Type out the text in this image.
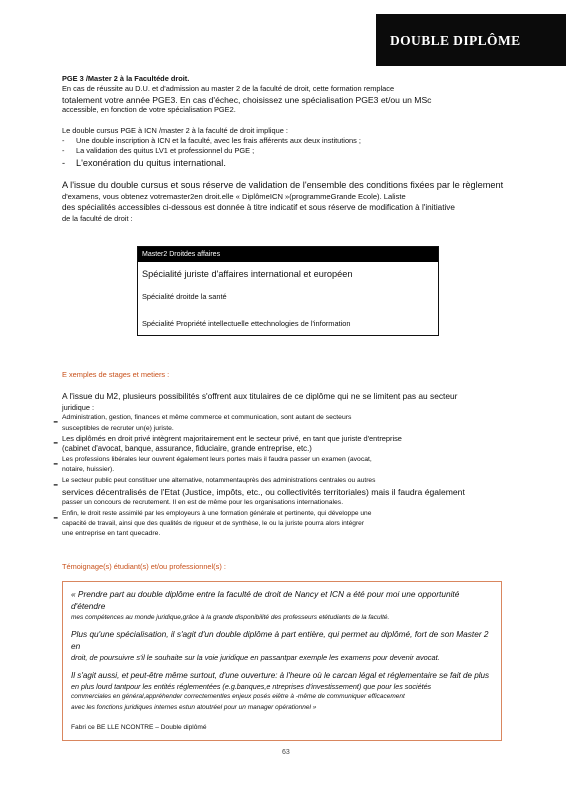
DOUBLE DIPLÔME

PGE 3 /Master 2 à la Facultéde droit.

En cas de réussite au D.U. et d'admission au master 2 de la faculté de droit, cette formation remplace

totalement votre année PGE3. En cas d'échec, choisissez une spécialisation PGE3 et/ou un MSc

accessible, en fonction de votre spécialisation PGE2.

Le double cursus PGE à ICN /master 2 à la faculté de droit implique :

- Une double inscription à ICN et la faculté, avec les frais afférents aux deux institutions ;
- La validation des quitus LV1 et professionnel du PGE ;
- L'exonération du quitus international.

A l'issue du double cursus et sous réserve de validation de l'ensemble des conditions fixées par le règlement

d'examens, vous obtenez votremaster2en droit.elle « DiplômeICN »(programmeGrande Ecole). Laliste

des spécialités accessibles ci-dessous est donnée à titre indicatif et sous réserve de modification à l'initiative

de la faculté de droit :

Master2 Droitdes affaires
Spécialité juriste d'affaires international et européen
Spécialité droitde la santé
Spécialité Propriété intellectuelle ettechnologies de l'information

E xemples de stages et metiers :

A l'issue du M2, plusieurs possibilités s'offrent aux titulaires de ce diplôme qui ne se limitent pas au secteur

juridique :

- Administration, gestion, finances et même commerce et communication, sont autant de secteurs

susceptibles de recruter un(e) juriste.

- Les diplômés en droit privé intègrent majoritairement ent le secteur privé, en tant que juriste d'entreprise

(cabinet d'avocat, banque, assurance, fiduciaire, grande entreprise, etc.)

- Les professions libérales leur ouvrent également leurs portes mais il faudra passer un examen (avocat,

notaire, huissier).

- Le secteur public peut constituer une alternative, notammentauprès des administrations centrales ou autres

services décentralisés de l'Etat (Justice, impôts, etc., ou collectivités territoriales) mais il faudra également

passer un concours de recrutement. Il en est de même pour les organisations internationales.

- Enfin, le droit reste assimilé par les employeurs à une formation générale et pertinente, qui développe une

capacité de travail, ainsi que des qualités de rigueur et de synthèse, le ou la juriste pourra alors intégrer

une entreprise en tant quecadre.

Témoignage(s) étudiant(s) et/ou professionnel(s) :

« Prendre part au double diplôme entre la faculté de droit de Nancy et ICN a été pour moi une opportunité d'étendre

mes compétences au monde juridique,grâce à la grande disponibilité des professeurs etétudiants de la faculté.

Plus qu'une spécialisation, il s'agit d'un double diplôme à part entière, qui permet au diplômé, fort de son Master 2 en

droit, de poursuivre s'il le souhaite sur la voie juridique en passantpar exemple les examens pour devenir avocat.

Il s'agit aussi, et peut-être même surtout, d'une ouverture: à l'heure où le carcan légal et réglementaire se fait de plus

en plus lourd tantpour les entités réglementées (e.g.banques,e ntreprises d'investissement) que pour les sociétés

commerciales en général,appréhender correctementles enjeux posés eiêtre à -même de communiquer efficacement

avec les fonctions juridiques internes estun atoutréel pour un manager opérationnel »

Fabri ce BE LLE NCONTRE – Double diplômé

63
